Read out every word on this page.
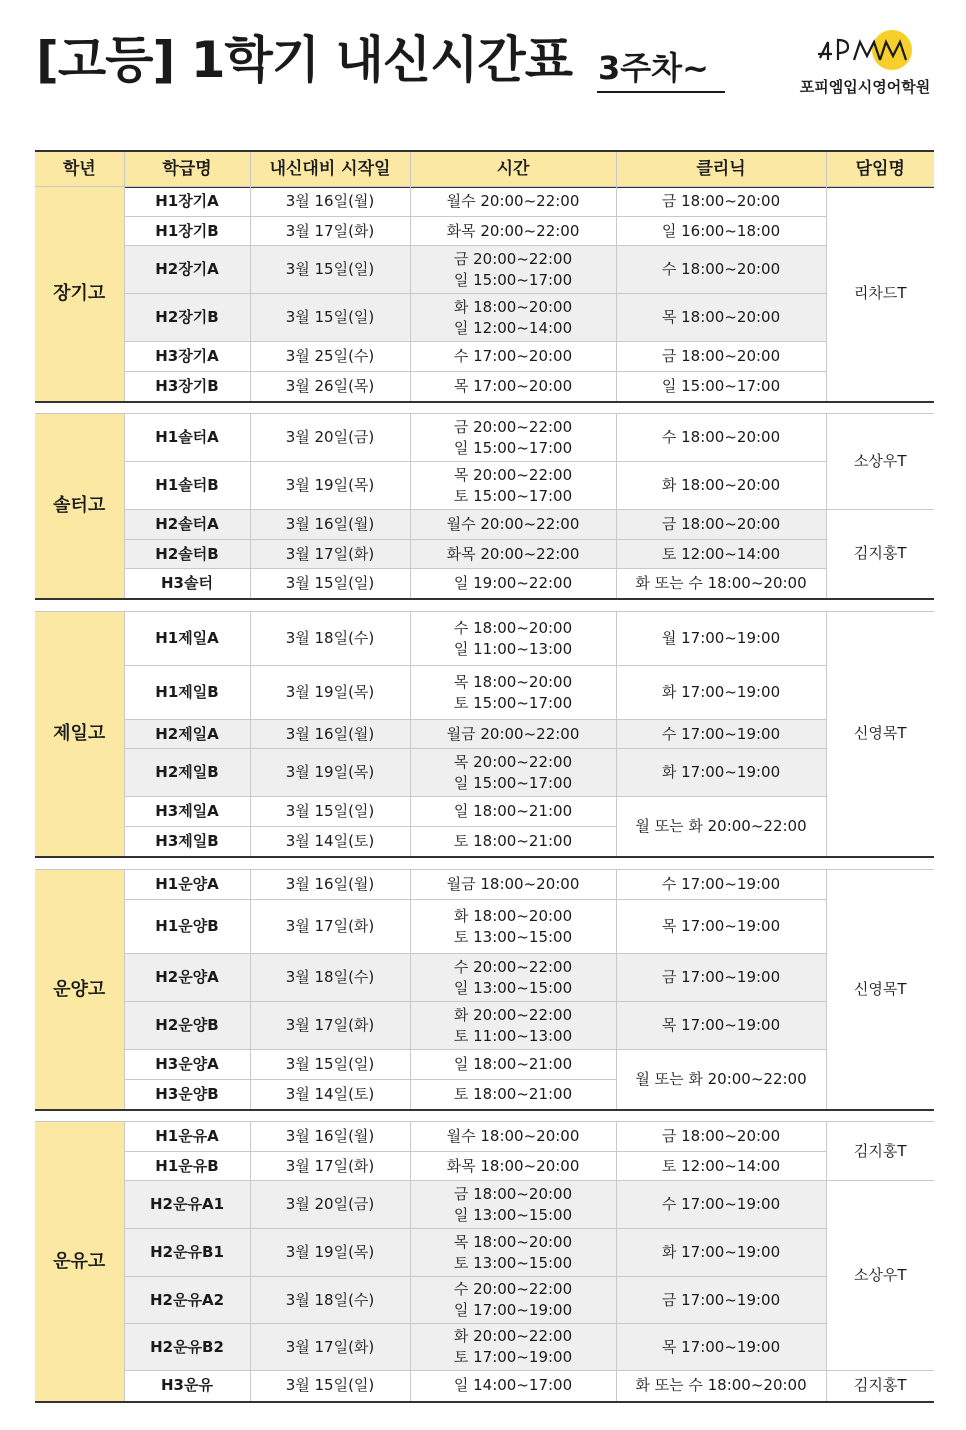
[고등] 1학기 내신시간표 3주차~	포피엠입시영어학원
학년	학급명	내신대비 시작일	시간	클리닉	담임명
장기고	H1장기A	3월 16일(월)	월수 20:00~22:00	금 18:00~20:00	리차드T
	H1장기B	3월 17일(화)	화목 20:00~22:00	일 16:00~18:00	
	H2장기A	3월 15일(일)	금 20:00~22:00
일 15:00~17:00	수 18:00~20:00	
	H2장기B	3월 15일(일)	화 18:00~20:00
일 12:00~14:00	목 18:00~20:00	
	H3장기A	3월 25일(수)	수 17:00~20:00	금 18:00~20:00	
	H3장기B	3월 26일(목)	목 17:00~20:00	일 15:00~17:00	
솔터고	H1솔터A	3월 20일(금)	금 20:00~22:00
일 15:00~17:00	수 18:00~20:00	소상우T
	H1솔터B	3월 19일(목)	목 20:00~22:00
토 15:00~17:00	화 18:00~20:00	
	H2솔터A	3월 16일(월)	월수 20:00~22:00	금 18:00~20:00	김지홍T
	H2솔터B	3월 17일(화)	화목 20:00~22:00	토 12:00~14:00	
	H3솔터	3월 15일(일)	일 19:00~22:00	화 또는 수 18:00~20:00	
제일고	H1제일A	3월 18일(수)	수 18:00~20:00
일 11:00~13:00	월 17:00~19:00	신영목T
	H1제일B	3월 19일(목)	목 18:00~20:00
토 15:00~17:00	화 17:00~19:00	
	H2제일A	3월 16일(월)	월금 20:00~22:00	수 17:00~19:00	
	H2제일B	3월 19일(목)	목 20:00~22:00
일 15:00~17:00	화 17:00~19:00	
	H3제일A	3월 15일(일)	일 18:00~21:00	월 또는 화 20:00~22:00	
	H3제일B	3월 14일(토)	토 18:00~21:00		
운양고	H1운양A	3월 16일(월)	월금 18:00~20:00	수 17:00~19:00	신영목T
	H1운양B	3월 17일(화)	화 18:00~20:00
토 13:00~15:00	목 17:00~19:00	
	H2운양A	3월 18일(수)	수 20:00~22:00
일 13:00~15:00	금 17:00~19:00	
	H2운양B	3월 17일(화)	화 20:00~22:00
토 11:00~13:00	목 17:00~19:00	
	H3운양A	3월 15일(일)	일 18:00~21:00	월 또는 화 20:00~22:00	
	H3운양B	3월 14일(토)	토 18:00~21:00		
운유고	H1운유A	3월 16일(월)	월수 18:00~20:00	금 18:00~20:00	김지홍T
	H1운유B	3월 17일(화)	화목 18:00~20:00	토 12:00~14:00	
	H2운유A1	3월 20일(금)	금 18:00~20:00
일 13:00~15:00	수 17:00~19:00	소상우T
	H2운유B1	3월 19일(목)	목 18:00~20:00
토 13:00~15:00	화 17:00~19:00	
	H2운유A2	3월 18일(수)	수 20:00~22:00
일 17:00~19:00	금 17:00~19:00	
	H2운유B2	3월 17일(화)	화 20:00~22:00
토 17:00~19:00	목 17:00~19:00	
	H3운유	3월 15일(일)	일 14:00~17:00	화 또는 수 18:00~20:00	김지홍T
